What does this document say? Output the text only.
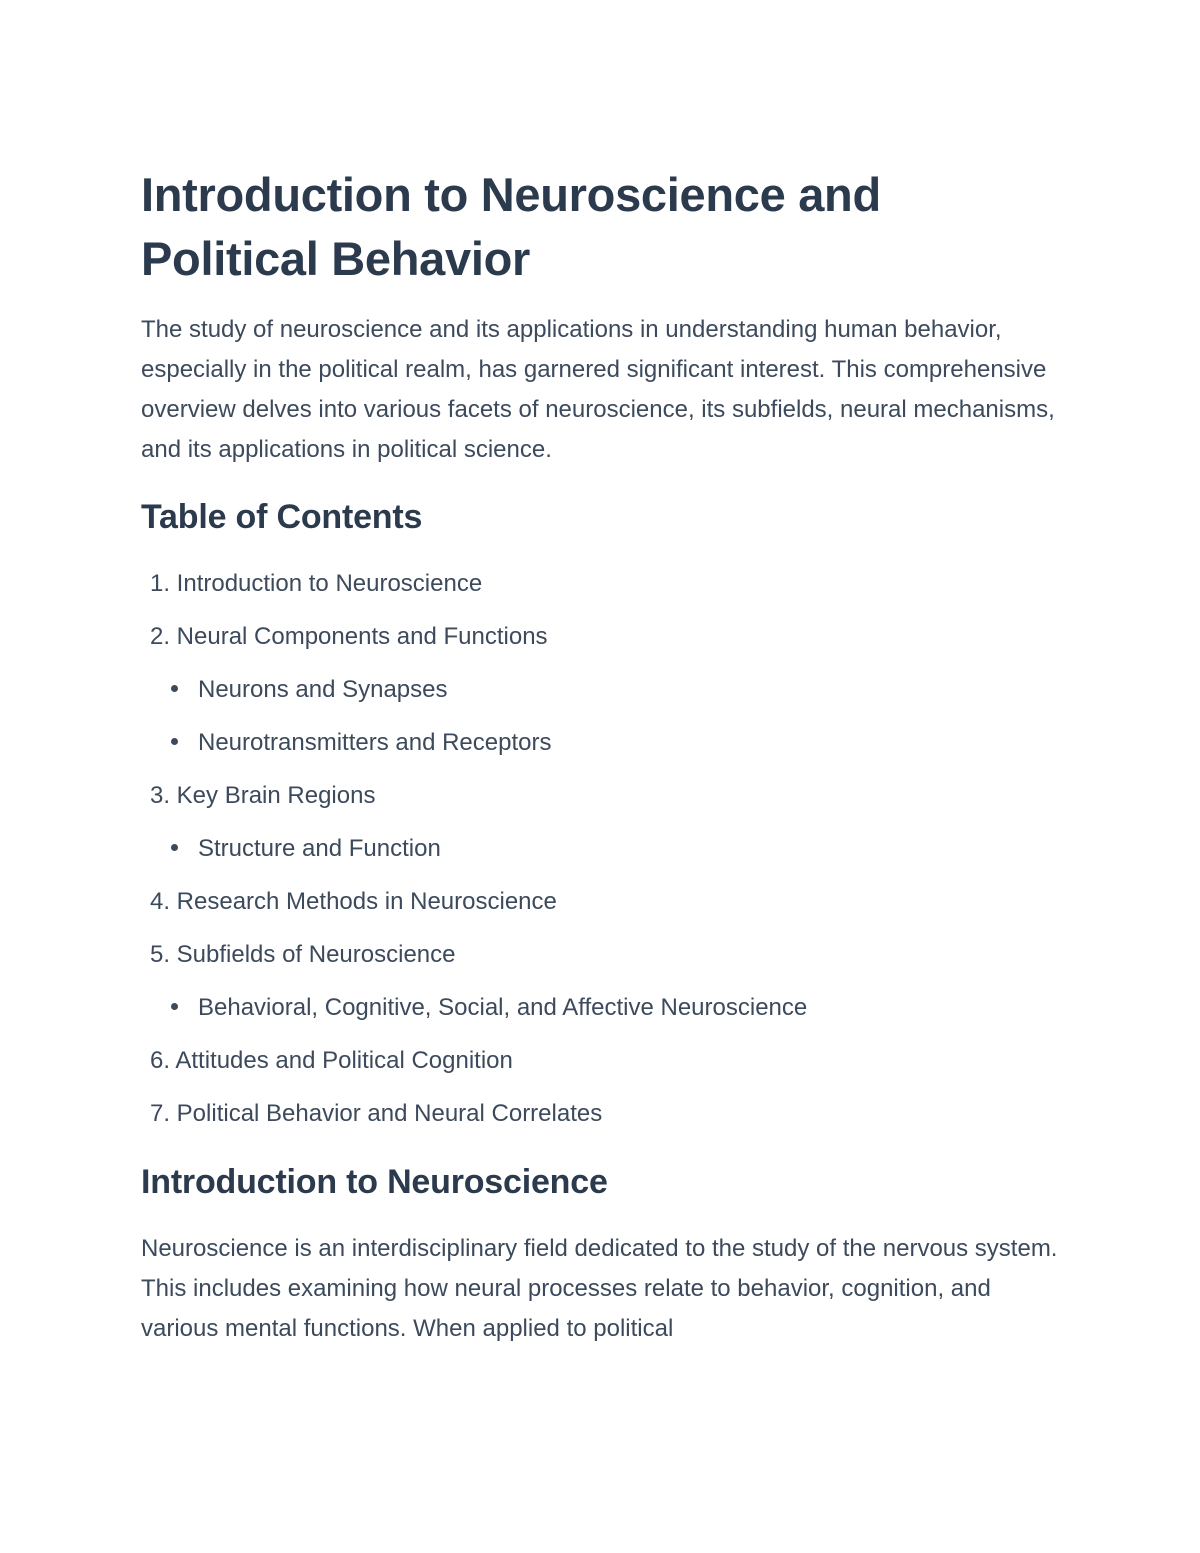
Introduction to Neuroscience and Political Behavior

The study of neuroscience and its applications in understanding human behavior, especially in the political realm, has garnered significant interest. This comprehensive overview delves into various facets of neuroscience, its subfields, neural mechanisms, and its applications in political science.

Table of Contents
1. Introduction to Neuroscience
2. Neural Components and Functions
Neurons and Synapses
Neurotransmitters and Receptors
3. Key Brain Regions
Structure and Function
4. Research Methods in Neuroscience
5. Subfields of Neuroscience
Behavioral, Cognitive, Social, and Affective Neuroscience
6. Attitudes and Political Cognition
7. Political Behavior and Neural Correlates
Introduction to Neuroscience

Neuroscience is an interdisciplinary field dedicated to the study of the nervous system. This includes examining how neural processes relate to behavior, cognition, and various mental functions. When applied to political
